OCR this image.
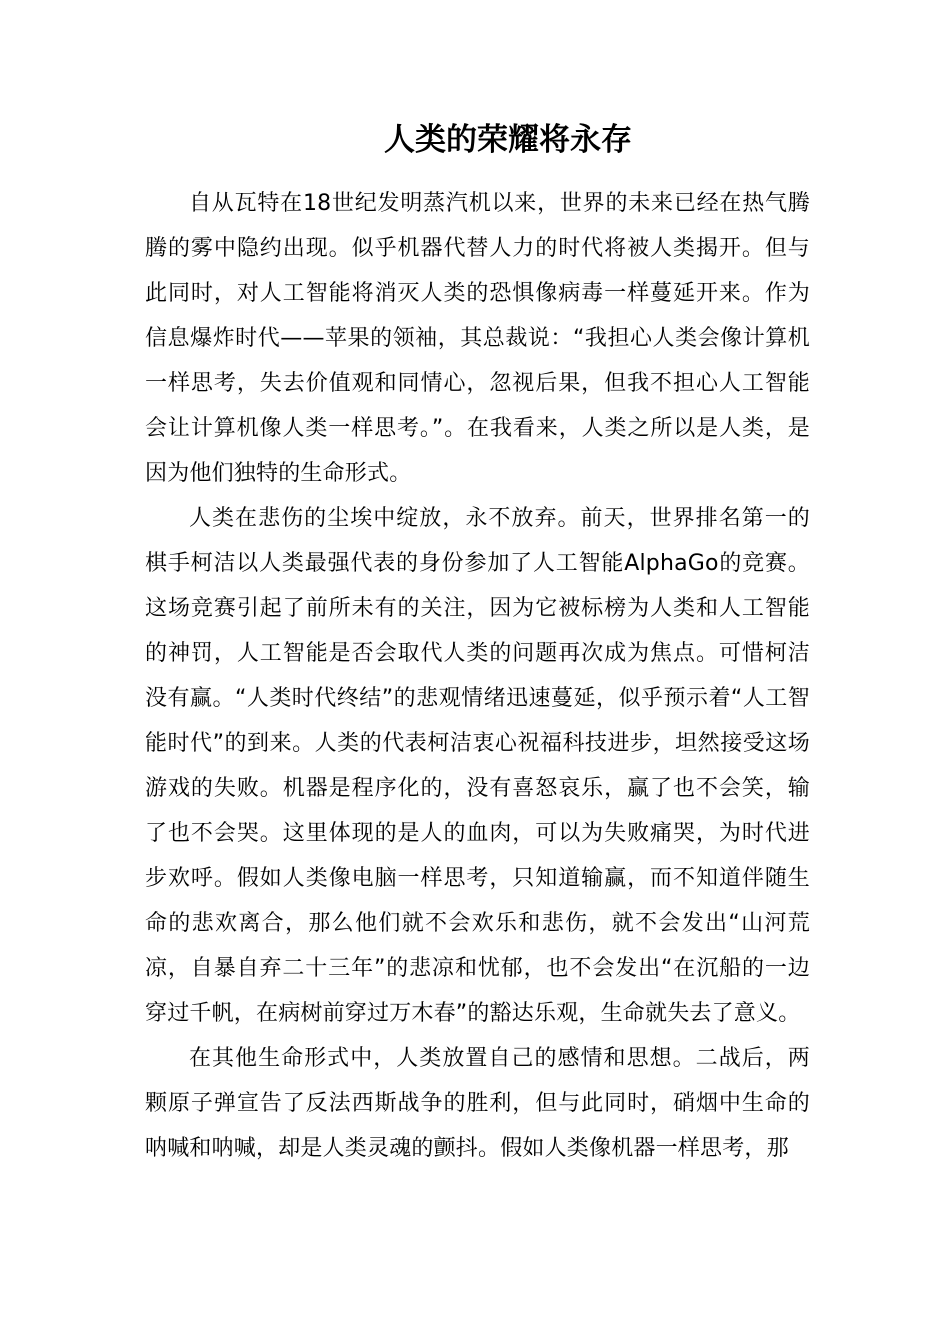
人类的荣耀将永存

自从瓦特在18世纪发明蒸汽机以来，世界的未来已经在热气腾腾的雾中隐约出现。似乎机器代替人力的时代将被人类揭开。但与此同时，对人工智能将消灭人类的恐惧像病毒一样蔓延开来。作为信息爆炸时代——苹果的领袖，其总裁说：“我担心人类会像计算机一样思考，失去价值观和同情心，忽视后果，但我不担心人工智能会让计算机像人类一样思考。”。在我看来，人类之所以是人类，是因为他们独特的生命形式。

人类在悲伤的尘埃中绽放，永不放弃。前天，世界排名第一的棋手柯洁以人类最强代表的身份参加了人工智能AlphaGo的竞赛。这场竞赛引起了前所未有的关注，因为它被标榜为人类和人工智能的神罚，人工智能是否会取代人类的问题再次成为焦点。可惜柯洁没有赢。“人类时代终结”的悲观情绪迅速蔓延，似乎预示着“人工智能时代”的到来。人类的代表柯洁衷心祝福科技进步，坦然接受这场游戏的失败。机器是程序化的，没有喜怒哀乐，赢了也不会笑，输了也不会哭。这里体现的是人的血肉，可以为失败痛哭，为时代进步欢呼。假如人类像电脑一样思考，只知道输赢，而不知道伴随生命的悲欢离合，那么他们就不会欢乐和悲伤，就不会发出“山河荒凉，自暴自弃二十三年”的悲凉和忧郁，也不会发出“在沉船的一边穿过千帆，在病树前穿过万木春”的豁达乐观，生命就失去了意义。

在其他生命形式中，人类放置自己的感情和思想。二战后，两颗原子弹宣告了反法西斯战争的胜利，但与此同时，硝烟中生命的呐喊和呐喊，却是人类灵魂的颤抖。假如人类像机器一样思考，那
